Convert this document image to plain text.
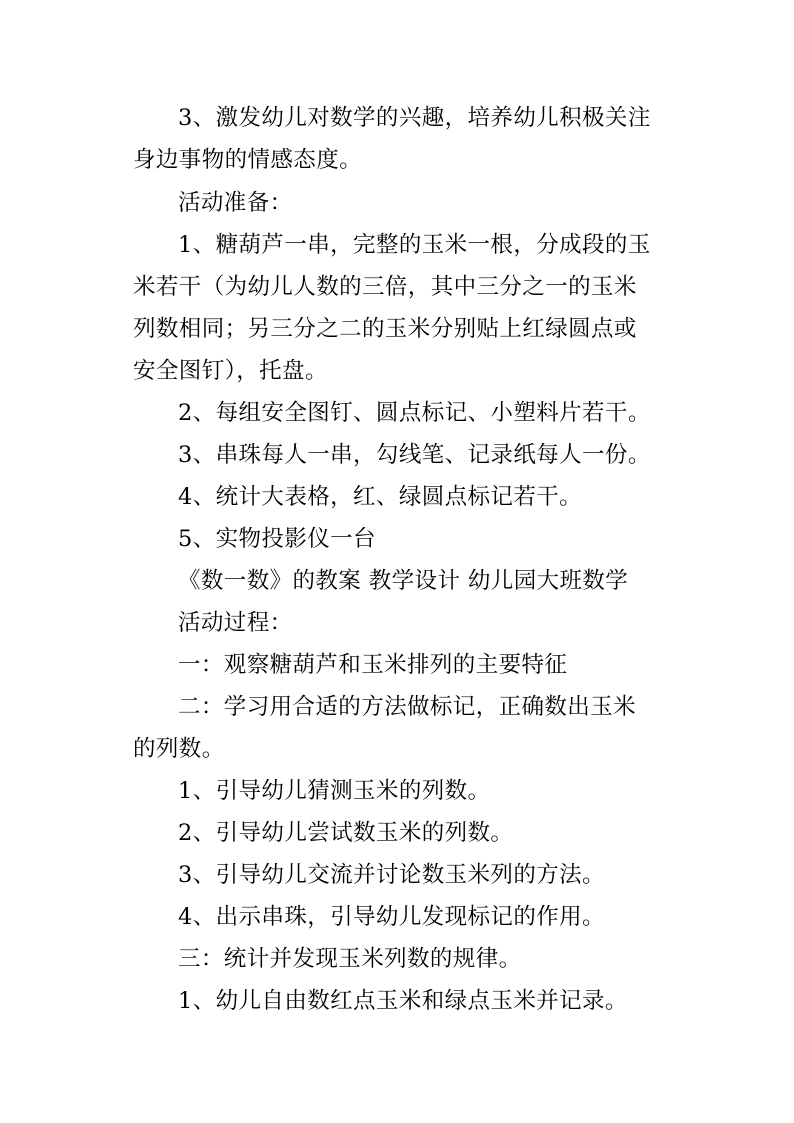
3、激发幼儿对数学的兴趣，培养幼儿积极关注
身边事物的情感态度。
活动准备：
1、糖葫芦一串，完整的玉米一根，分成段的玉
米若干（为幼儿人数的三倍，其中三分之一的玉米
列数相同；另三分之二的玉米分别贴上红绿圆点或
安全图钉），托盘。
2、每组安全图钉、圆点标记、小塑料片若干。
3、串珠每人一串，勾线笔、记录纸每人一份。
4、统计大表格，红、绿圆点标记若干。
5、实物投影仪一台
《数一数》的教案 教学设计 幼儿园大班数学
活动过程：
一：观察糖葫芦和玉米排列的主要特征
二：学习用合适的方法做标记，正确数出玉米
的列数。
1、引导幼儿猜测玉米的列数。
2、引导幼儿尝试数玉米的列数。
3、引导幼儿交流并讨论数玉米列的方法。
4、出示串珠，引导幼儿发现标记的作用。
三：统计并发现玉米列数的规律。
1、幼儿自由数红点玉米和绿点玉米并记录。
